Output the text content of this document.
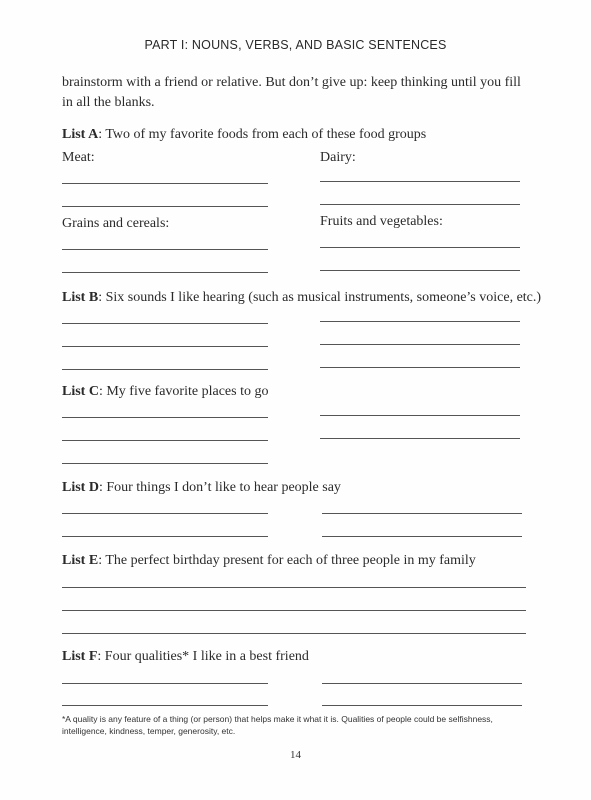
PART I: NOUNS, VERBS, AND BASIC SENTENCES
brainstorm with a friend or relative. But don’t give up: keep thinking until you fill in all the blanks.
List A: Two of my favorite foods from each of these food groups
Meat:	Dairy:
Grains and cereals:	Fruits and vegetables:
List B: Six sounds I like hearing (such as musical instruments, someone’s voice, etc.)
List C: My five favorite places to go
List D: Four things I don’t like to hear people say
List E: The perfect birthday present for each of three people in my family
List F: Four qualities* I like in a best friend
*A quality is any feature of a thing (or person) that helps make it what it is. Qualities of people could be selfishness, intelligence, kindness, temper, generosity, etc.
14
